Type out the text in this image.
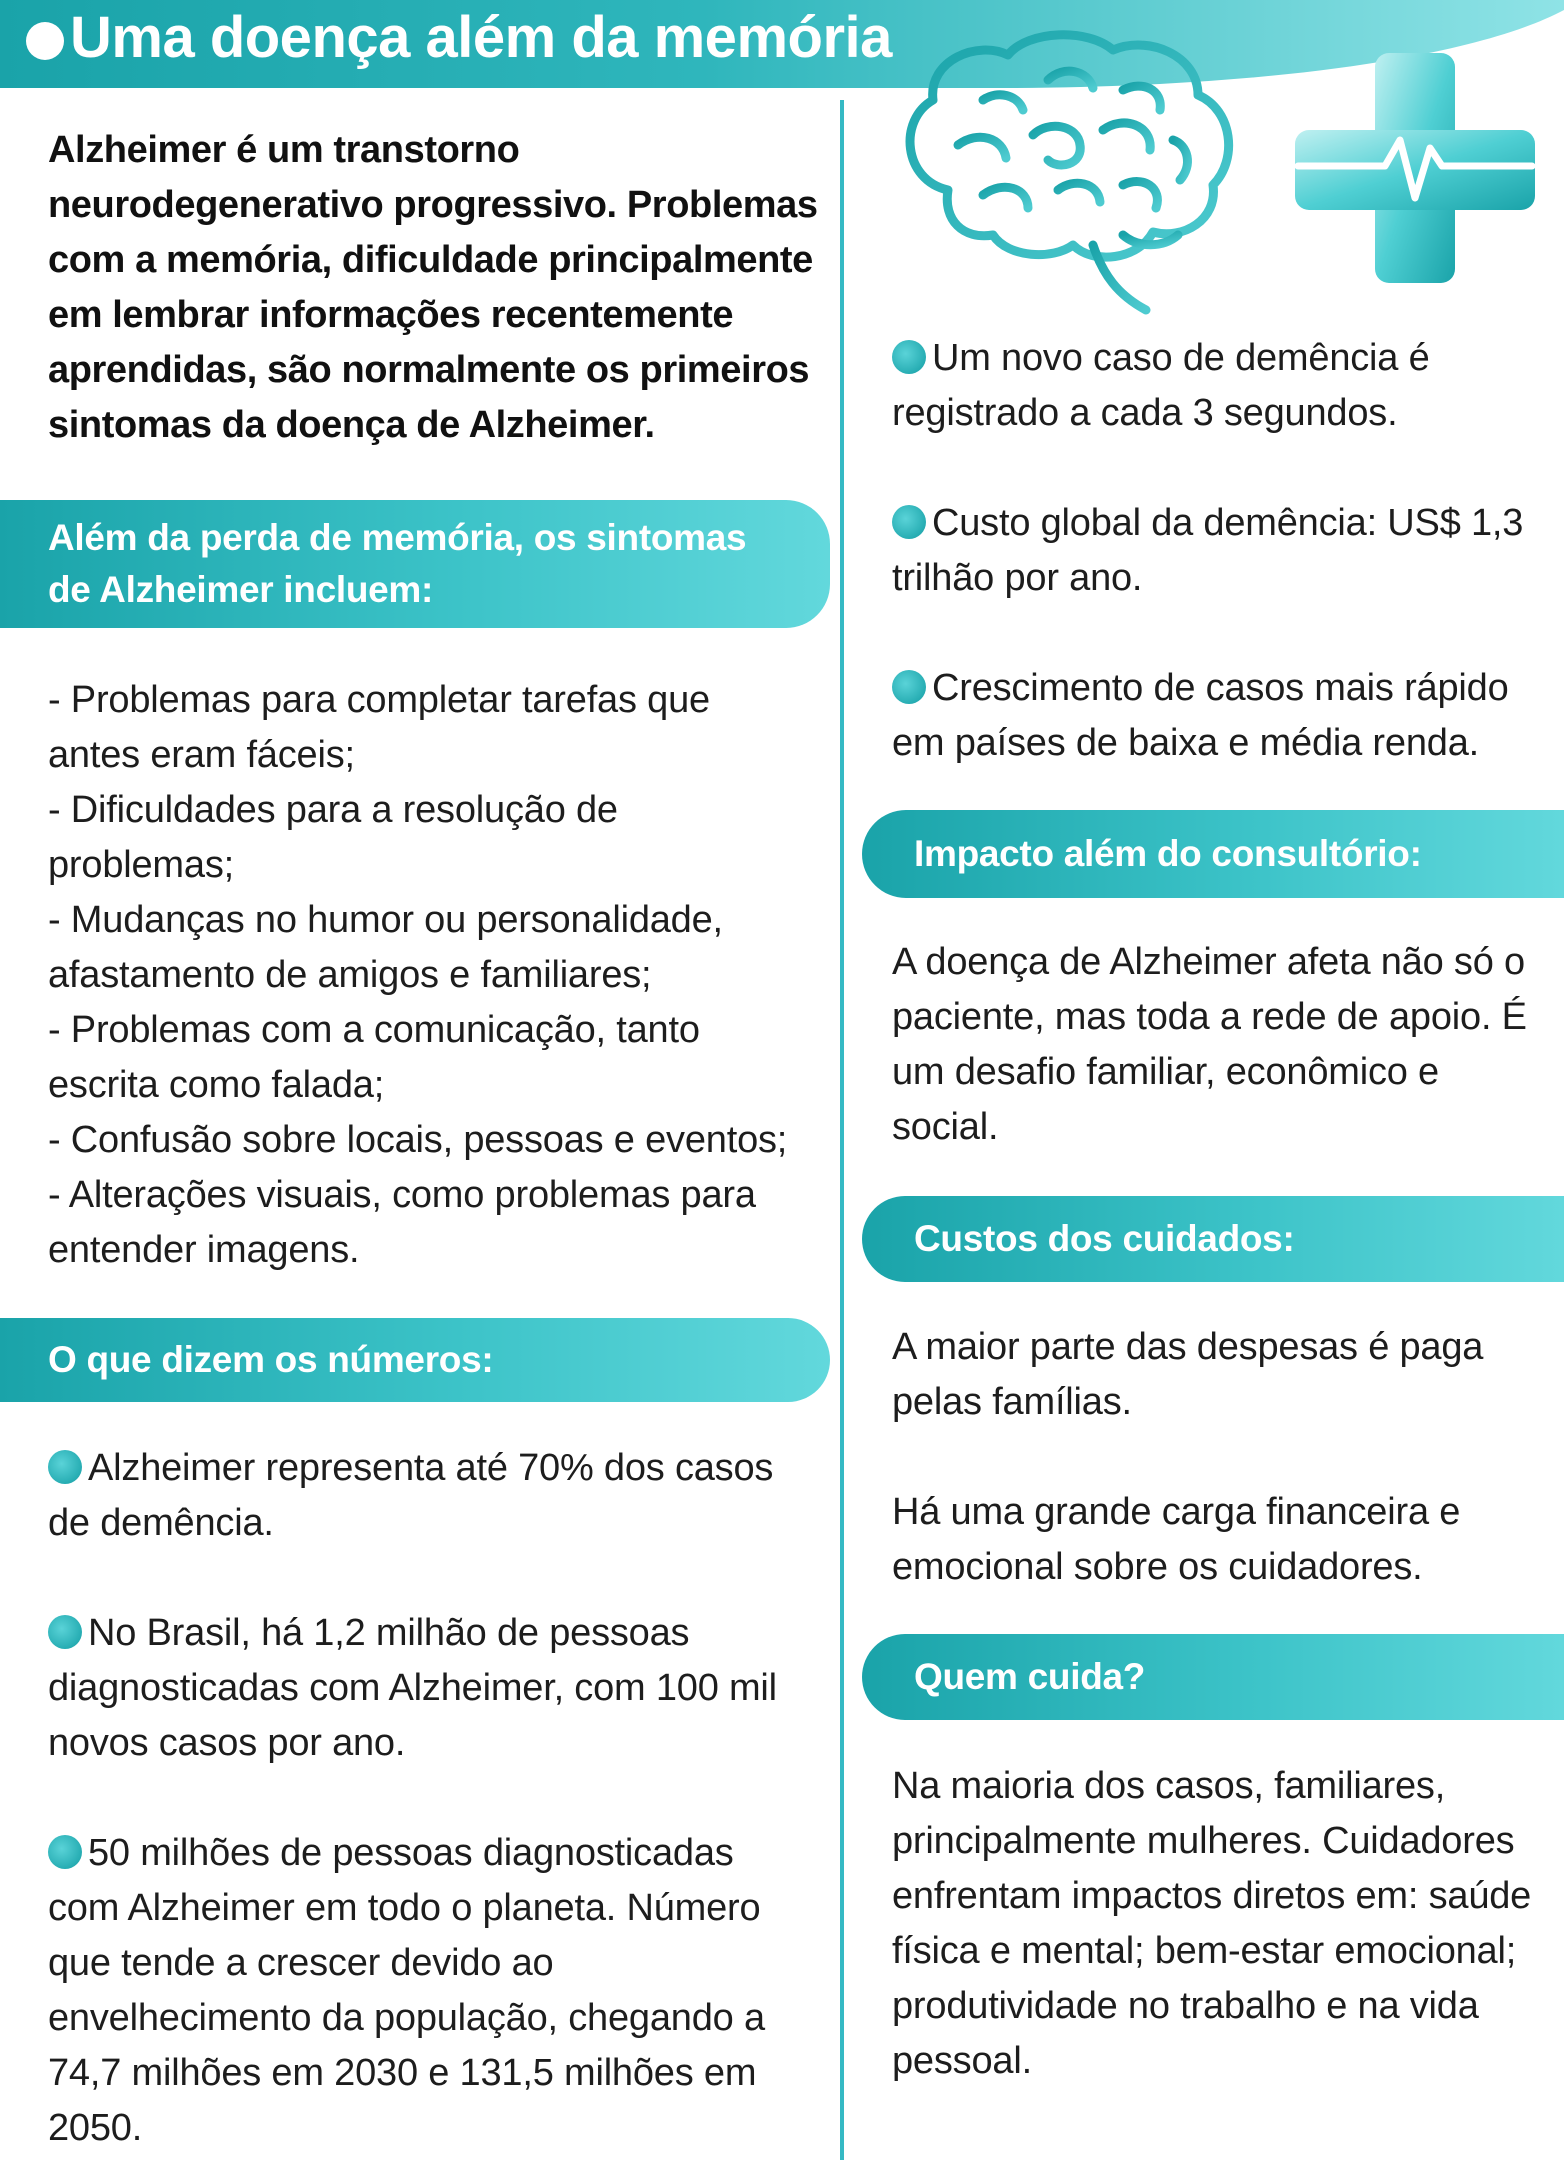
Uma doença além da memória
Alzheimer é um transtorno
neurodegenerativo progressivo. Problemas
com a memória, dificuldade principalmente
em lembrar informações recentemente
aprendidas, são normalmente os primeiros
sintomas da doença de Alzheimer.
Além da perda de memória, os sintomas
de Alzheimer incluem:
- Problemas para completar tarefas que
antes eram fáceis;
- Dificuldades para a resolução de
problemas;
- Mudanças no humor ou personalidade,
afastamento de amigos e familiares;
- Problemas com a comunicação, tanto
escrita como falada;
- Confusão sobre locais, pessoas e eventos;
- Alterações visuais, como problemas para
entender imagens.
O que dizem os números:
Alzheimer representa até 70% dos casos
de demência.
No Brasil, há 1,2 milhão de pessoas
diagnosticadas com Alzheimer, com 100 mil
novos casos por ano.
50 milhões de pessoas diagnosticadas
com Alzheimer em todo o planeta. Número
que tende a crescer devido ao
envelhecimento da população, chegando a
74,7 milhões em 2030 e 131,5 milhões em
2050.
Um novo caso de demência é
registrado a cada 3 segundos.
Custo global da demência: US$ 1,3
trilhão por ano.
Crescimento de casos mais rápido
em países de baixa e média renda.
Impacto além do consultório:
A doença de Alzheimer afeta não só o
paciente, mas toda a rede de apoio. É
um desafio familiar, econômico e
social.
Custos dos cuidados:
A maior parte das despesas é paga
pelas famílias.
Há uma grande carga financeira e
emocional sobre os cuidadores.
Quem cuida?
Na maioria dos casos, familiares,
principalmente mulheres. Cuidadores
enfrentam impactos diretos em: saúde
física e mental; bem-estar emocional;
produtividade no trabalho e na vida
pessoal.
